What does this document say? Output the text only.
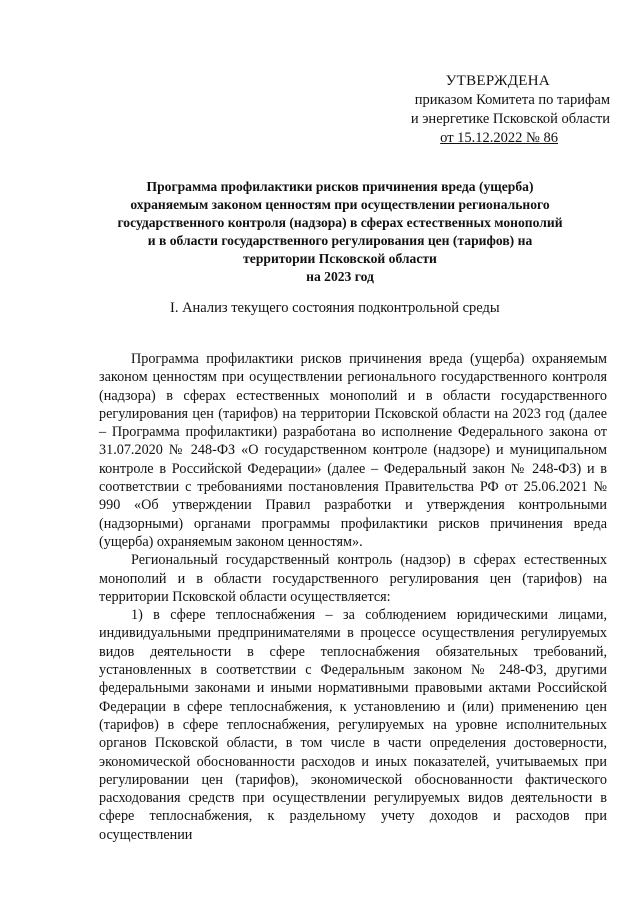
УТВЕРЖДЕНА
приказом Комитета по тарифам
и энергетике Псковской области
от 15.12.2022 № 86
Программа профилактики рисков причинения вреда (ущерба)
охраняемым законом ценностям при осуществлении регионального
государственного контроля (надзора) в сферах естественных монополий
и в области государственного регулирования цен (тарифов) на
территории Псковской области
на 2023 год
I. Анализ текущего состояния подконтрольной среды

Программа профилактики рисков причинения вреда (ущерба) охраняемым законом ценностям при осуществлении регионального государственного контроля (надзора) в сферах естественных монополий и в области государственного регулирования цен (тарифов) на территории Псковской области на 2023 год (далее – Программа профилактики) разработана во исполнение Федерального закона от 31.07.2020 № 248-ФЗ «О государственном контроле (надзоре) и муниципальном контроле в Российской Федерации» (далее – Федеральный закон № 248-ФЗ) и в соответствии с требованиями постановления Правительства РФ от 25.06.2021 № 990 «Об утверждении Правил разработки и утверждения контрольными (надзорными) органами программы профилактики рисков причинения вреда (ущерба) охраняемым законом ценностям».

Региональный государственный контроль (надзор) в сферах естественных монополий и в области государственного регулирования цен (тарифов) на территории Псковской области осуществляется:

1) в сфере теплоснабжения – за соблюдением юридическими лицами, индивидуальными предпринимателями в процессе осуществления регулируемых видов деятельности в сфере теплоснабжения обязательных требований, установленных в соответствии с Федеральным законом № 248-ФЗ, другими федеральными законами и иными нормативными правовыми актами Российской Федерации в сфере теплоснабжения, к установлению и (или) применению цен (тарифов) в сфере теплоснабжения, регулируемых на уровне исполнительных органов Псковской области, в том числе в части определения достоверности, экономической обоснованности расходов и иных показателей, учитываемых при регулировании цен (тарифов), экономической обоснованности фактического расходования средств при осуществлении регулируемых видов деятельности в сфере теплоснабжения, к раздельному учету доходов и расходов при осуществлении
